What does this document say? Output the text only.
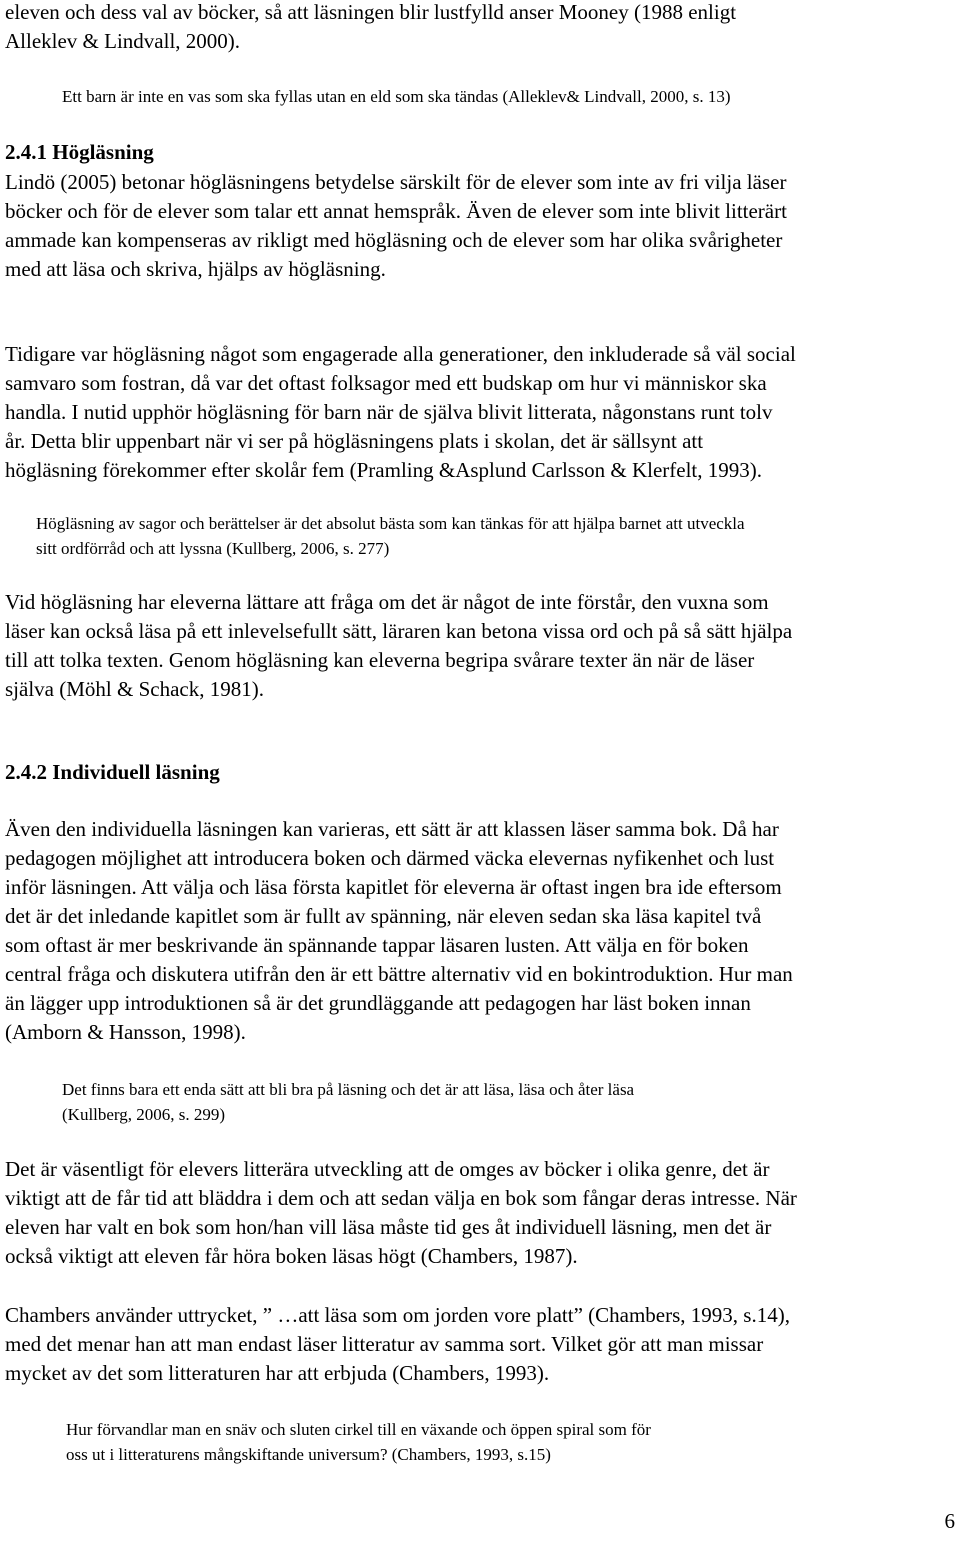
eleven och dess val av böcker, så att läsningen blir lustfylld anser Mooney (1988 enligt
Alleklev & Lindvall, 2000).
Ett barn är inte en vas som ska fyllas utan en eld som ska tändas (Alleklev& Lindvall, 2000, s. 13)
2.4.1 Högläsning
Lindö (2005) betonar högläsningens betydelse särskilt för de elever som inte av fri vilja läser
böcker och för de elever som talar ett annat hemspråk. Även de elever som inte blivit litterärt
ammade kan kompenseras av rikligt med högläsning och de elever som har olika svårigheter
med att läsa och skriva, hjälps av högläsning.
Tidigare var högläsning något som engagerade alla generationer, den inkluderade så väl social
samvaro som fostran, då var det oftast folksagor med ett budskap om hur vi människor ska
handla. I nutid upphör högläsning för barn när de själva blivit litterata, någonstans runt tolv
år. Detta blir uppenbart när vi ser på högläsningens plats i skolan, det är sällsynt att
högläsning förekommer efter skolår fem (Pramling &Asplund Carlsson & Klerfelt, 1993).
Högläsning av sagor och berättelser är det absolut bästa som kan tänkas för att hjälpa barnet att utveckla
sitt ordförråd och att lyssna (Kullberg, 2006, s. 277)
Vid högläsning har eleverna lättare att fråga om det är något de inte förstår, den vuxna som
läser kan också läsa på ett inlevelsefullt sätt, läraren kan betona vissa ord och på så sätt hjälpa
till att tolka texten. Genom högläsning kan eleverna begripa svårare texter än när de läser
själva (Möhl & Schack, 1981).
2.4.2 Individuell läsning
Även den individuella läsningen kan varieras, ett sätt är att klassen läser samma bok. Då har
pedagogen möjlighet att introducera boken och därmed väcka elevernas nyfikenhet och lust
inför läsningen. Att välja och läsa första kapitlet för eleverna är oftast ingen bra ide eftersom
det är det inledande kapitlet som är fullt av spänning, när eleven sedan ska läsa kapitel två
som oftast är mer beskrivande än spännande tappar läsaren lusten. Att välja en för boken
central fråga och diskutera utifrån den är ett bättre alternativ vid en bokintroduktion. Hur man
än lägger upp introduktionen så är det grundläggande att pedagogen har läst boken innan
(Amborn & Hansson, 1998).
Det finns bara ett enda sätt att bli bra på läsning och det är att läsa, läsa och åter läsa
(Kullberg, 2006, s. 299)
Det är väsentligt för elevers litterära utveckling att de omges av böcker i olika genre, det är
viktigt att de får tid att bläddra i dem och att sedan välja en bok som fångar deras intresse. När
eleven har valt en bok som hon/han vill läsa måste tid ges åt individuell läsning, men det är
också viktigt att eleven får höra boken läsas högt (Chambers, 1987).
Chambers använder uttrycket, ” …att läsa som om jorden vore platt” (Chambers, 1993, s.14),
med det menar han att man endast läser litteratur av samma sort. Vilket gör att man missar
mycket av det som litteraturen har att erbjuda (Chambers, 1993).
Hur förvandlar man en snäv och sluten cirkel till en växande och öppen spiral som för
oss ut i litteraturens mångskiftande universum? (Chambers, 1993, s.15)
6
